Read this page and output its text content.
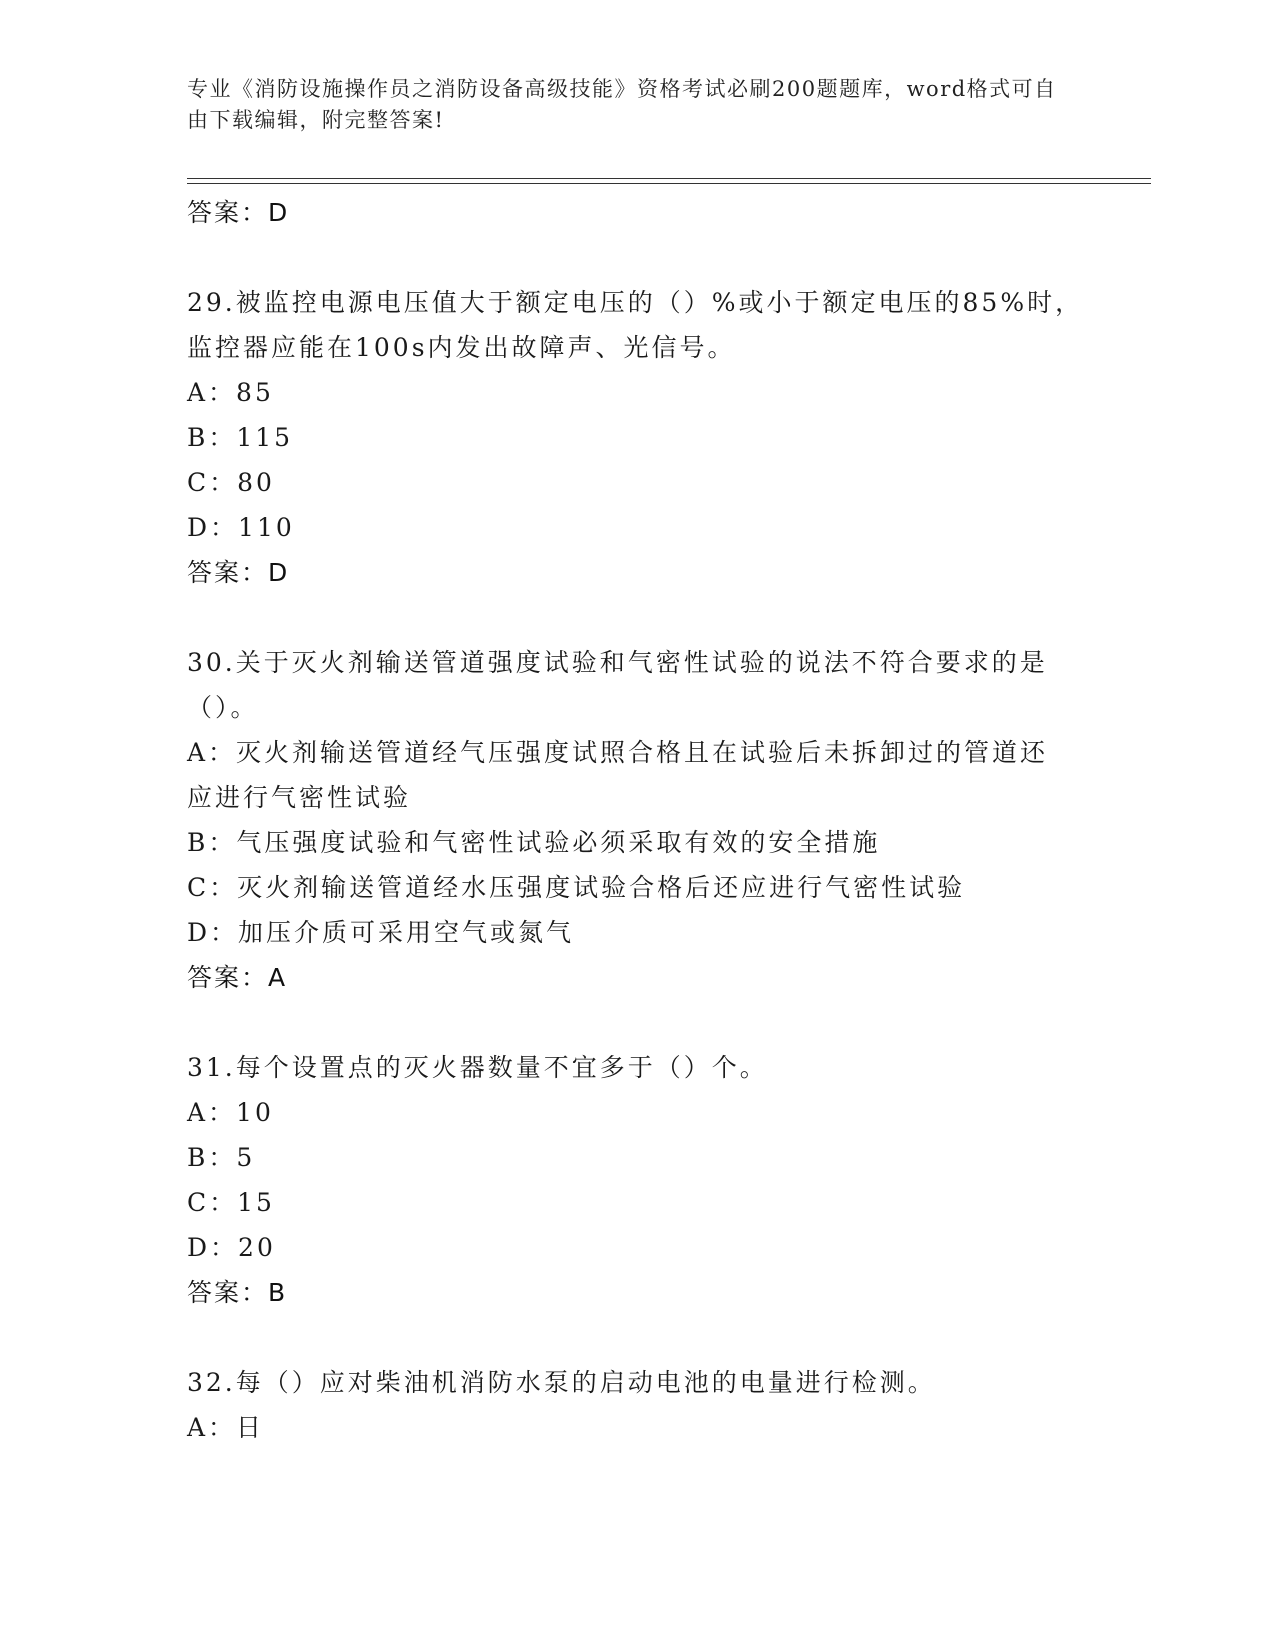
专业《消防设施操作员之消防设备高级技能》资格考试必刷200题题库，word格式可自由下载编辑，附完整答案!
答案：D
29.被监控电源电压值大于额定电压的（）%或小于额定电压的85%时，
监控器应能在100s内发出故障声、光信号。
A：85
B：115
C：80
D：110
答案：D
30.关于灭火剂输送管道强度试验和气密性试验的说法不符合要求的是
（）。
A：灭火剂输送管道经气压强度试照合格且在试验后未拆卸过的管道还
应进行气密性试验
B：气压强度试验和气密性试验必须采取有效的安全措施
C：灭火剂输送管道经水压强度试验合格后还应进行气密性试验
D：加压介质可采用空气或氮气
答案：A
31.每个设置点的灭火器数量不宜多于（）个。
A：10
B：5
C：15
D：20
答案：B
32.每（）应对柴油机消防水泵的启动电池的电量进行检测。
A：日
